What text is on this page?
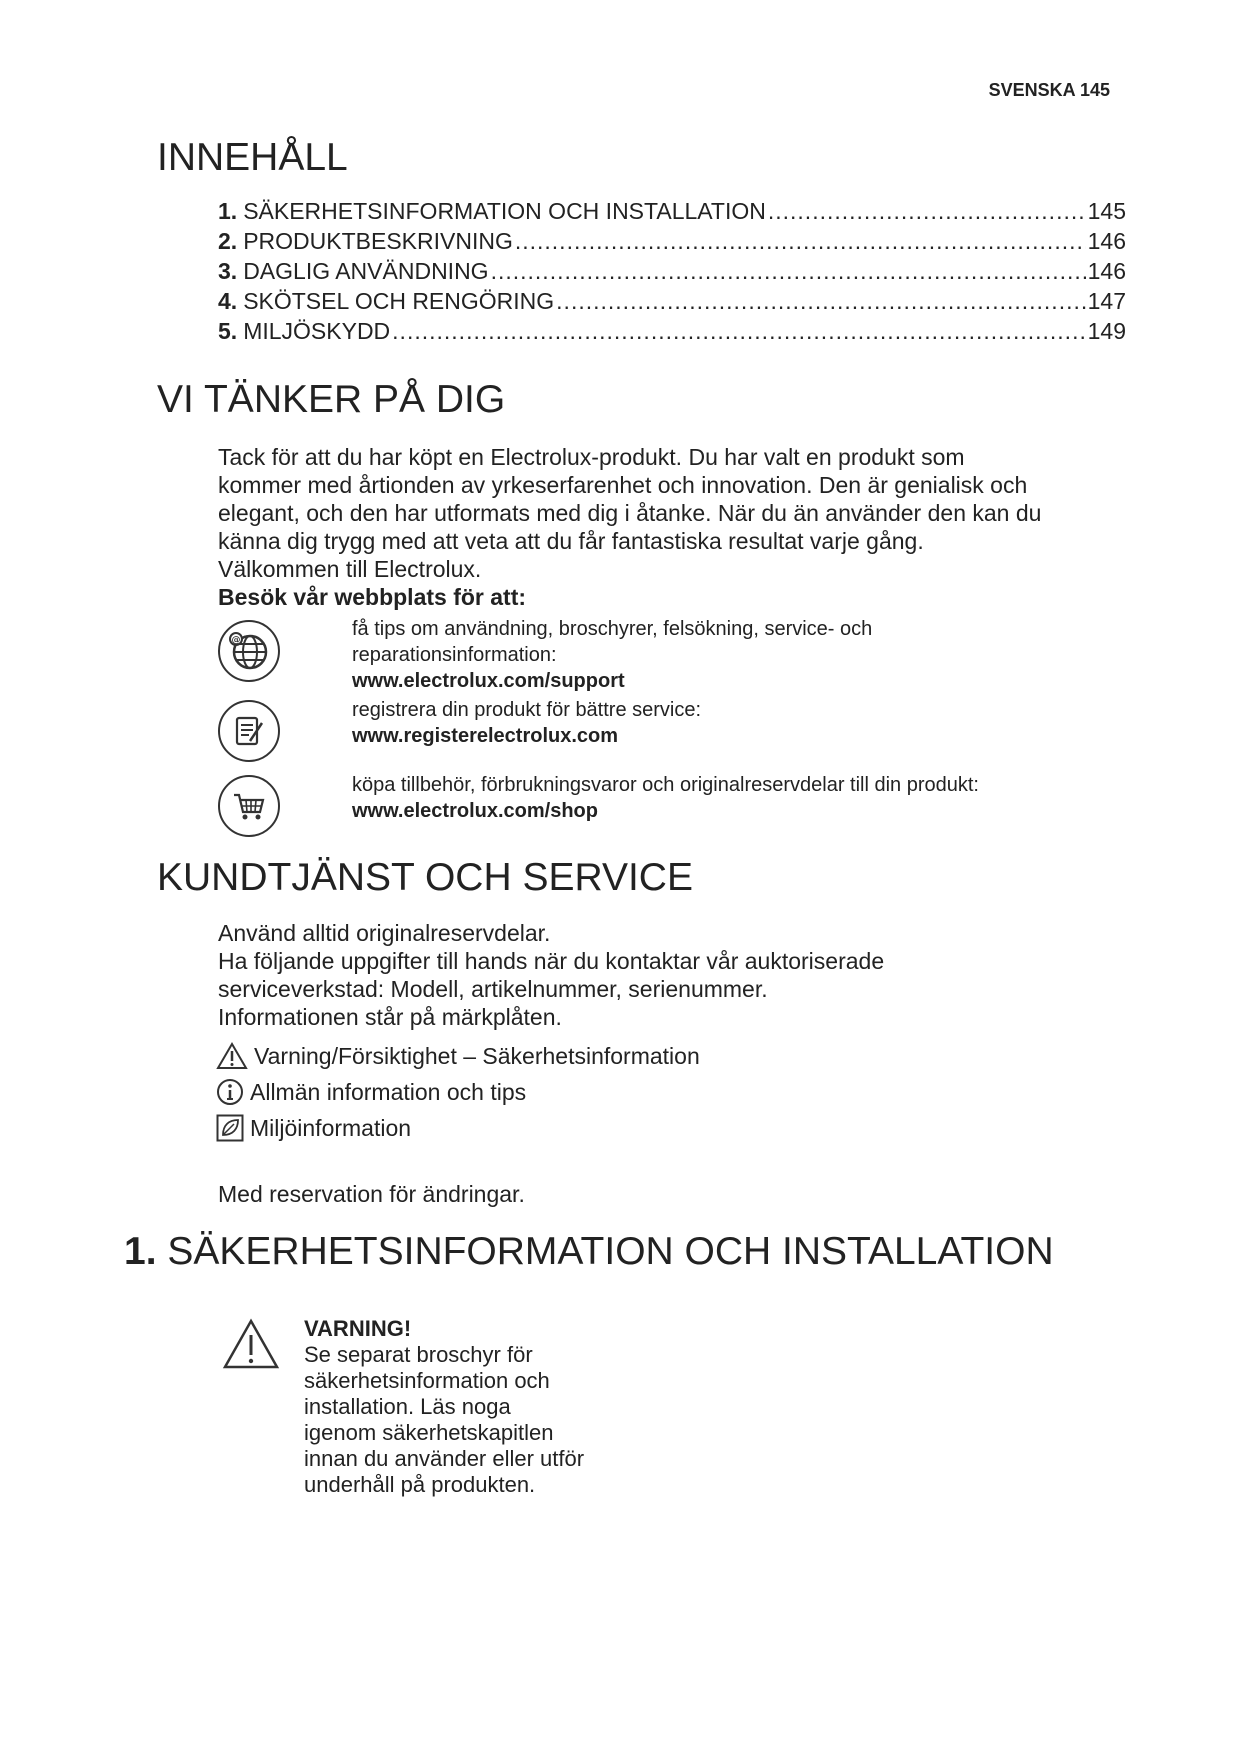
SVENSKA 145
INNEHÅLL
1. SÄKERHETSINFORMATION OCH INSTALLATION .....	145
2. PRODUKTBESKRIVNING .....	146
3. DAGLIG ANVÄNDNING .....	146
4. SKÖTSEL OCH RENGÖRING .....	147
5. MILJÖSKYDD .....	149
VI TÄNKER PÅ DIG

Tack för att du har köpt en Electrolux-produkt. Du har valt en produkt som

kommer med årtionden av yrkeserfarenhet och innovation. Den är genialisk och

elegant, och den har utformats med dig i åtanke. När du än använder den kan du

känna dig trygg med att veta att du får fantastiska resultat varje gång.

Välkommen till Electrolux.

Besök vår webbplats för att:

@
få tips om användning, broschyrer, felsökning, service- och
reparationsinformation:
www.electrolux.com/support
registrera din produkt för bättre service:
www.registerelectrolux.com
köpa tillbehör, förbrukningsvaror och originalreservdelar till din produkt:
www.electrolux.com/shop
KUNDTJÄNST OCH SERVICE

Använd alltid originalreservdelar.

Ha följande uppgifter till hands när du kontaktar vår auktoriserade

serviceverkstad: Modell, artikelnummer, serienummer.

Informationen står på märkplåten.

Varning/Försiktighet – Säkerhetsinformation
Allmän information och tips
Miljöinformation
Med reservation för ändringar.
1. SÄKERHETSINFORMATION OCH INSTALLATION
VARNING!
Se separat broschyr för
säkerhetsinformation och
installation. Läs noga
igenom säkerhetskapitlen
innan du använder eller utför
underhåll på produkten.
